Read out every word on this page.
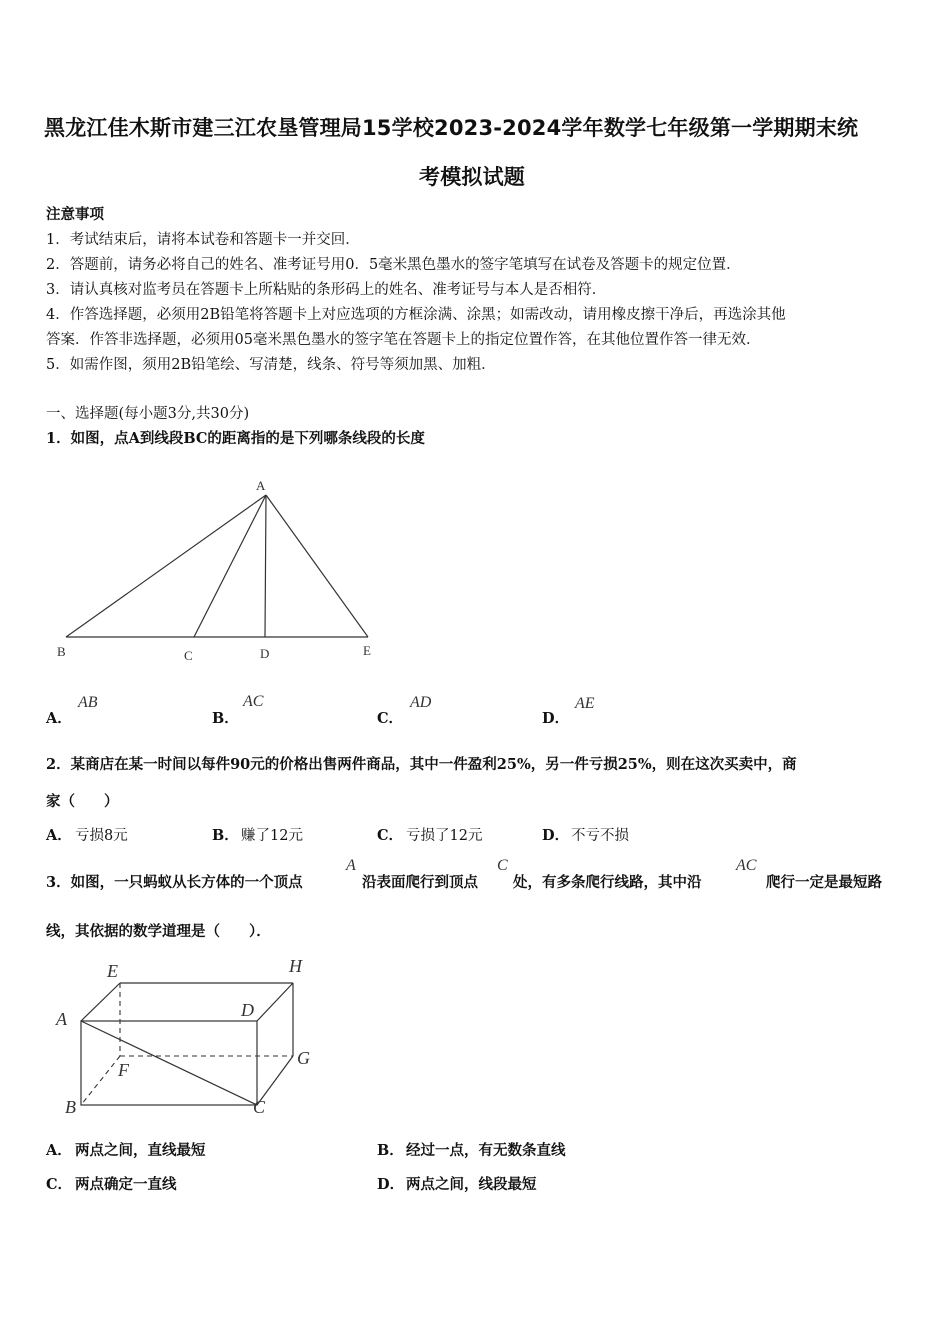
黑龙江佳木斯市建三江农垦管理局15学校2023-2024学年数学七年级第一学期期末统
考模拟试题
注意事项
1．考试结束后，请将本试卷和答题卡一并交回．
2．答题前，请务必将自己的姓名、准考证号用0．5毫米黑色墨水的签字笔填写在试卷及答题卡的规定位置．
3．请认真核对监考员在答题卡上所粘贴的条形码上的姓名、准考证号与本人是否相符．
4．作答选择题，必须用2B铅笔将答题卡上对应选项的方框涂满、涂黑；如需改动，请用橡皮擦干净后，再选涂其他
答案．作答非选择题，必须用05毫米黑色墨水的签字笔在答题卡上的指定位置作答，在其他位置作答一律无效．
5．如需作图，须用2B铅笔绘、写清楚，线条、符号等须加黑、加粗．
一、选择题(每小题3分,共30分)
1．如图，点A到线段BC的距离指的是下列哪条线段的长度
A
B	C	D	E
A．
AB
B．
AC
C．
AD
D．
AE
2．某商店在某一时间以每件90元的价格出售两件商品，其中一件盈利25%，另一件亏损25%，则在这次买卖中，商
家（　　）
A． 亏损8元	B． 赚了12元	C． 亏损了12元	D． 不亏不损
3．如图，一只蚂蚁从长方体的一个顶点
A
沿表面爬行到顶点
C
处，有多条爬行线路，其中沿
AC
爬行一定是最短路
线，其依据的数学道理是（　　）．
E	H
A	D
G
F
B	C
A． 两点之间，直线最短	B． 经过一点，有无数条直线
C． 两点确定一直线	D． 两点之间，线段最短
